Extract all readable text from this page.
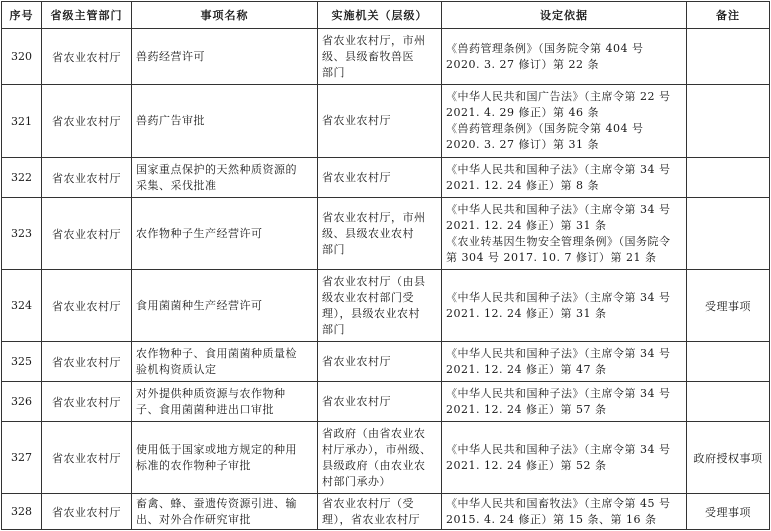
序号	省级主管部门	事项名称	实施机关（层级）	设定依据	备注
320	省农业农村厅	兽药经营许可	省农业农村厅，市州
级、县级畜牧兽医
部门	《兽药管理条例》（国务院令第 404 号
2020. 3. 27 修订）第 22 条	

321	省农业农村厅	兽药广告审批	省农业农村厅	《中华人民共和国广告法》（主席令第 22 号
2021. 4. 29 修正）第 46 条
《兽药管理条例》（国务院令第 404 号
2020. 3. 27 修订）第 31 条	

322	省农业农村厅	国家重点保护的天然种质资源的
采集、采伐批准	省农业农村厅	《中华人民共和国种子法》（主席令第 34 号
2021. 12. 24 修正）第 8 条	

323	省农业农村厅	农作物种子生产经营许可	省农业农村厅，市州
级、县级农业农村
部门	《中华人民共和国种子法》（主席令第 34 号
2021. 12. 24 修正）第 31 条
《农业转基因生物安全管理条例》（国务院令
第 304 号 2017. 10. 7 修订）第 21 条	

324	省农业农村厅	食用菌菌种生产经营许可	省农业农村厅（由县
级农业农村部门受
理），县级农业农村
部门	《中华人民共和国种子法》（主席令第 34 号
2021. 12. 24 修正）第 31 条	受理事项
325	省农业农村厅	农作物种子、食用菌菌种质量检
验机构资质认定	省农业农村厅	《中华人民共和国种子法》（主席令第 34 号
2021. 12. 24 修正）第 47 条	

326	省农业农村厅	对外提供种质资源与农作物种
子、食用菌菌种进出口审批	省农业农村厅	《中华人民共和国种子法》（主席令第 34 号
2021. 12. 24 修正）第 57 条	

327	省农业农村厅	使用低于国家或地方规定的种用
标准的农作物种子审批	省政府（由省农业农
村厅承办），市州级、
县级政府（由农业农
村部门承办）	《中华人民共和国种子法》（主席令第 34 号
2021. 12. 24 修正）第 52 条	政府授权事项
328	省农业农村厅	畜禽、蜂、蚕遗传资源引进、输
出、对外合作研究审批	省农业农村厅（受
理），省农业农村厅	《中华人民共和国畜牧法》（主席令第 45 号
2015. 4. 24 修正）第 15 条、第 16 条	受理事项
